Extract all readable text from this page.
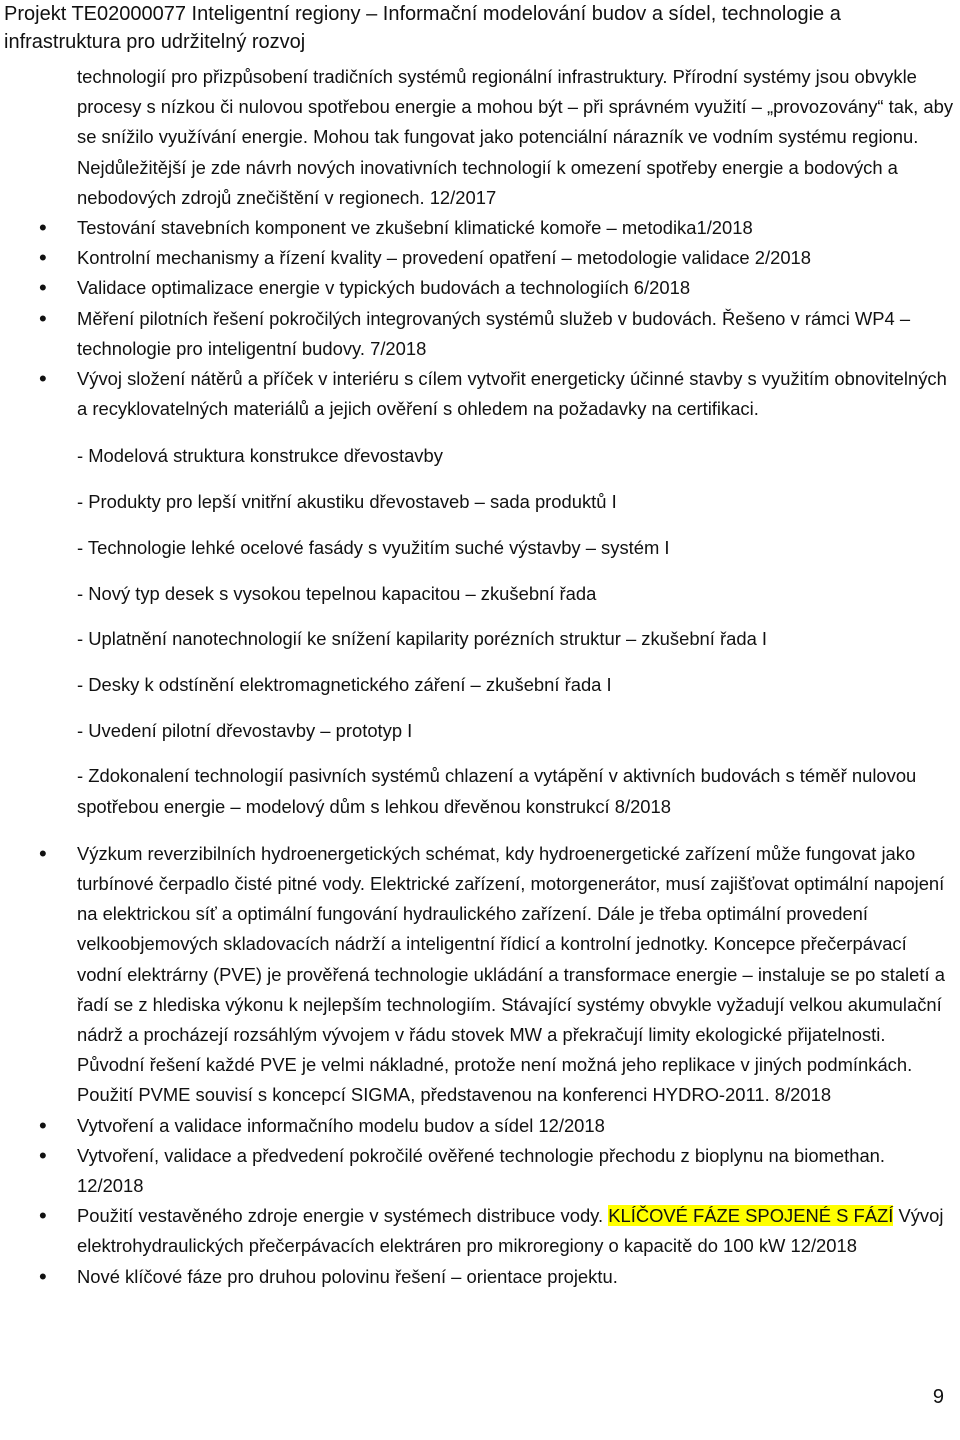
Projekt TE02000077 Inteligentní regiony – Informační modelování budov a sídel, technologie a
infrastruktura pro udržitelný rozvoj

technologií pro přizpůsobení tradičních systémů regionální infrastruktury. Přírodní systémy jsou obvykle procesy s nízkou či nulovou spotřebou energie a mohou být – při správném využití – „provozovány“ tak, aby se snížilo využívání energie. Mohou tak fungovat jako potenciální nárazník ve vodním systému regionu. Nejdůležitější je zde návrh nových inovativních technologií k omezení spotřeby energie a bodových a nebodových zdrojů znečištění v regionech. 12/2017

• Testování stavebních komponent ve zkušební klimatické komoře – metodika1/2018
• Kontrolní mechanismy a řízení kvality – provedení opatření – metodologie validace 2/2018
• Validace optimalizace energie v typických budovách a technologiích 6/2018
• Měření pilotních řešení pokročilých integrovaných systémů služeb v budovách. Řešeno v rámci WP4 – technologie pro inteligentní budovy. 7/2018
• Vývoj složení nátěrů a příček v interiéru s cílem vytvořit energeticky účinné stavby s využitím obnovitelných a recyklovatelných materiálů a jejich ověření s ohledem na požadavky na certifikaci.
- Modelová struktura konstrukce dřevostavby
- Produkty pro lepší vnitřní akustiku dřevostaveb – sada produktů I
- Technologie lehké ocelové fasády s využitím suché výstavby – systém I
- Nový typ desek s vysokou tepelnou kapacitou – zkušební řada
- Uplatnění nanotechnologií ke snížení kapilarity porézních struktur – zkušební řada I
- Desky k odstínění elektromagnetického záření – zkušební řada I
- Uvedení pilotní dřevostavby – prototyp I
- Zdokonalení technologií pasivních systémů chlazení a vytápění v aktivních budovách s téměř nulovou spotřebou energie – modelový dům s lehkou dřevěnou konstrukcí 8/2018
• Výzkum reverzibilních hydroenergetických schémat, kdy hydroenergetické zařízení může fungovat jako turbínové čerpadlo čisté pitné vody. Elektrické zařízení, motorgenerátor, musí zajišťovat optimální napojení na elektrickou síť a optimální fungování hydraulického zařízení. Dále je třeba optimální provedení velkoobjemových skladovacích nádrží a inteligentní řídicí a kontrolní jednotky. Koncepce přečerpávací vodní elektrárny (PVE) je prověřená technologie ukládání a transformace energie – instaluje se po staletí a řadí se z hlediska výkonu k nejlepším technologiím. Stávající systémy obvykle vyžadují velkou akumulační nádrž a procházejí rozsáhlým vývojem v řádu stovek MW a překračují limity ekologické přijatelnosti. Původní řešení každé PVE je velmi nákladné, protože není možná jeho replikace v jiných podmínkách. Použití PVME souvisí s koncepcí SIGMA, představenou na konferenci HYDRO-2011. 8/2018
• Vytvoření a validace informačního modelu budov a sídel 12/2018
• Vytvoření, validace a předvedení pokročilé ověřené technologie přechodu z bioplynu na biomethan. 12/2018
• Použití vestavěného zdroje energie v systémech distribuce vody. KLÍČOVÉ FÁZE SPOJENÉ S FÁZÍ Vývoj elektrohydraulických přečerpávacích elektráren pro mikroregiony o kapacitě do 100 kW 12/2018
• Nové klíčové fáze pro druhou polovinu řešení – orientace projektu.
9
